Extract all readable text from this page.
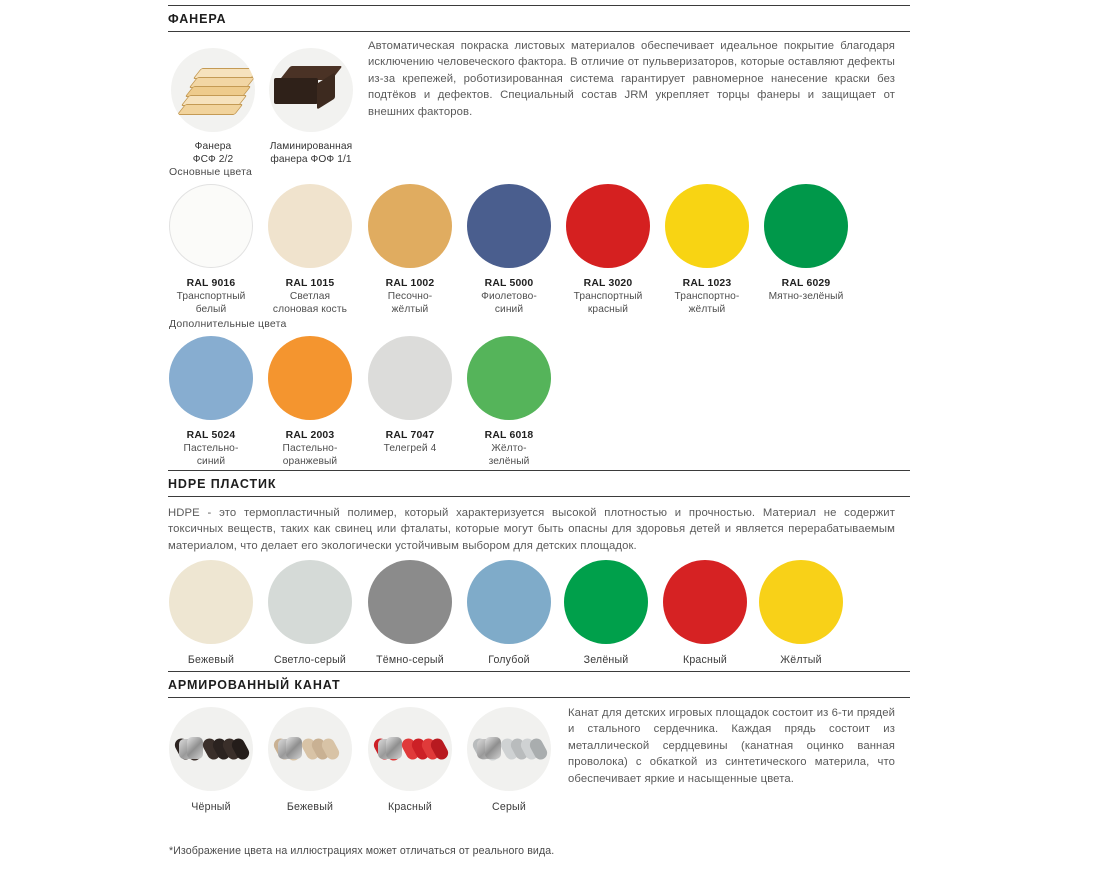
ФАНЕРА
Фанера
ФСФ 2/2
Ламинированная
фанера ФОФ 1/1
Автоматическая покраска листовых материалов обеспечивает идеальное покрытие благодаря исключению человеческого фактора. В отличие от пульверизаторов, которые оставляют дефекты из-за крепежей, роботизированная система гарантирует равномерное нанесение краски без подтёков и дефектов. Специальный состав JRM укрепляет торцы фанеры и защищает от внешних факторов.
Основные цвета
RAL 9016
Транспортный
белый
RAL 1015
Светлая
слоновая кость
RAL 1002
Песочно-
жёлтый
RAL 5000
Фиолетово-
синий
RAL 3020
Транспортный
красный
RAL 1023
Транспортно-
жёлтый
RAL 6029
Мятно-зелёный
Дополнительные цвета
RAL 5024
Пастельно-
синий
RAL 2003
Пастельно-
оранжевый
RAL 7047
Телегрей 4
RAL 6018
Жёлто-
зелёный
HDPE ПЛАСТИК
HDPE - это термопластичный полимер, который характеризуется высокой плотностью и прочностью. Материал не содержит токсичных веществ, таких как свинец или фталаты, которые могут быть опасны для здоровья детей и является перерабатываемым материалом, что делает его экологически устойчивым выбором для детских площадок.
Бежевый	Светло-серый	Тёмно-серый	Голубой	Зелёный	Красный	Жёлтый
АРМИРОВАННЫЙ КАНАТ
Канат для детских игровых площадок состоит из 6-ти прядей и стального сердечника. Каждая прядь состоит из металлической сердцевины (канатная оцинко ванная проволока) с обкаткой из синтетического материла, что обеспечивает яркие и насыщенные цвета.
Чёрный	Бежевый	Красный	Серый
*Изображение цвета на иллюстрациях может отличаться от реального вида.
